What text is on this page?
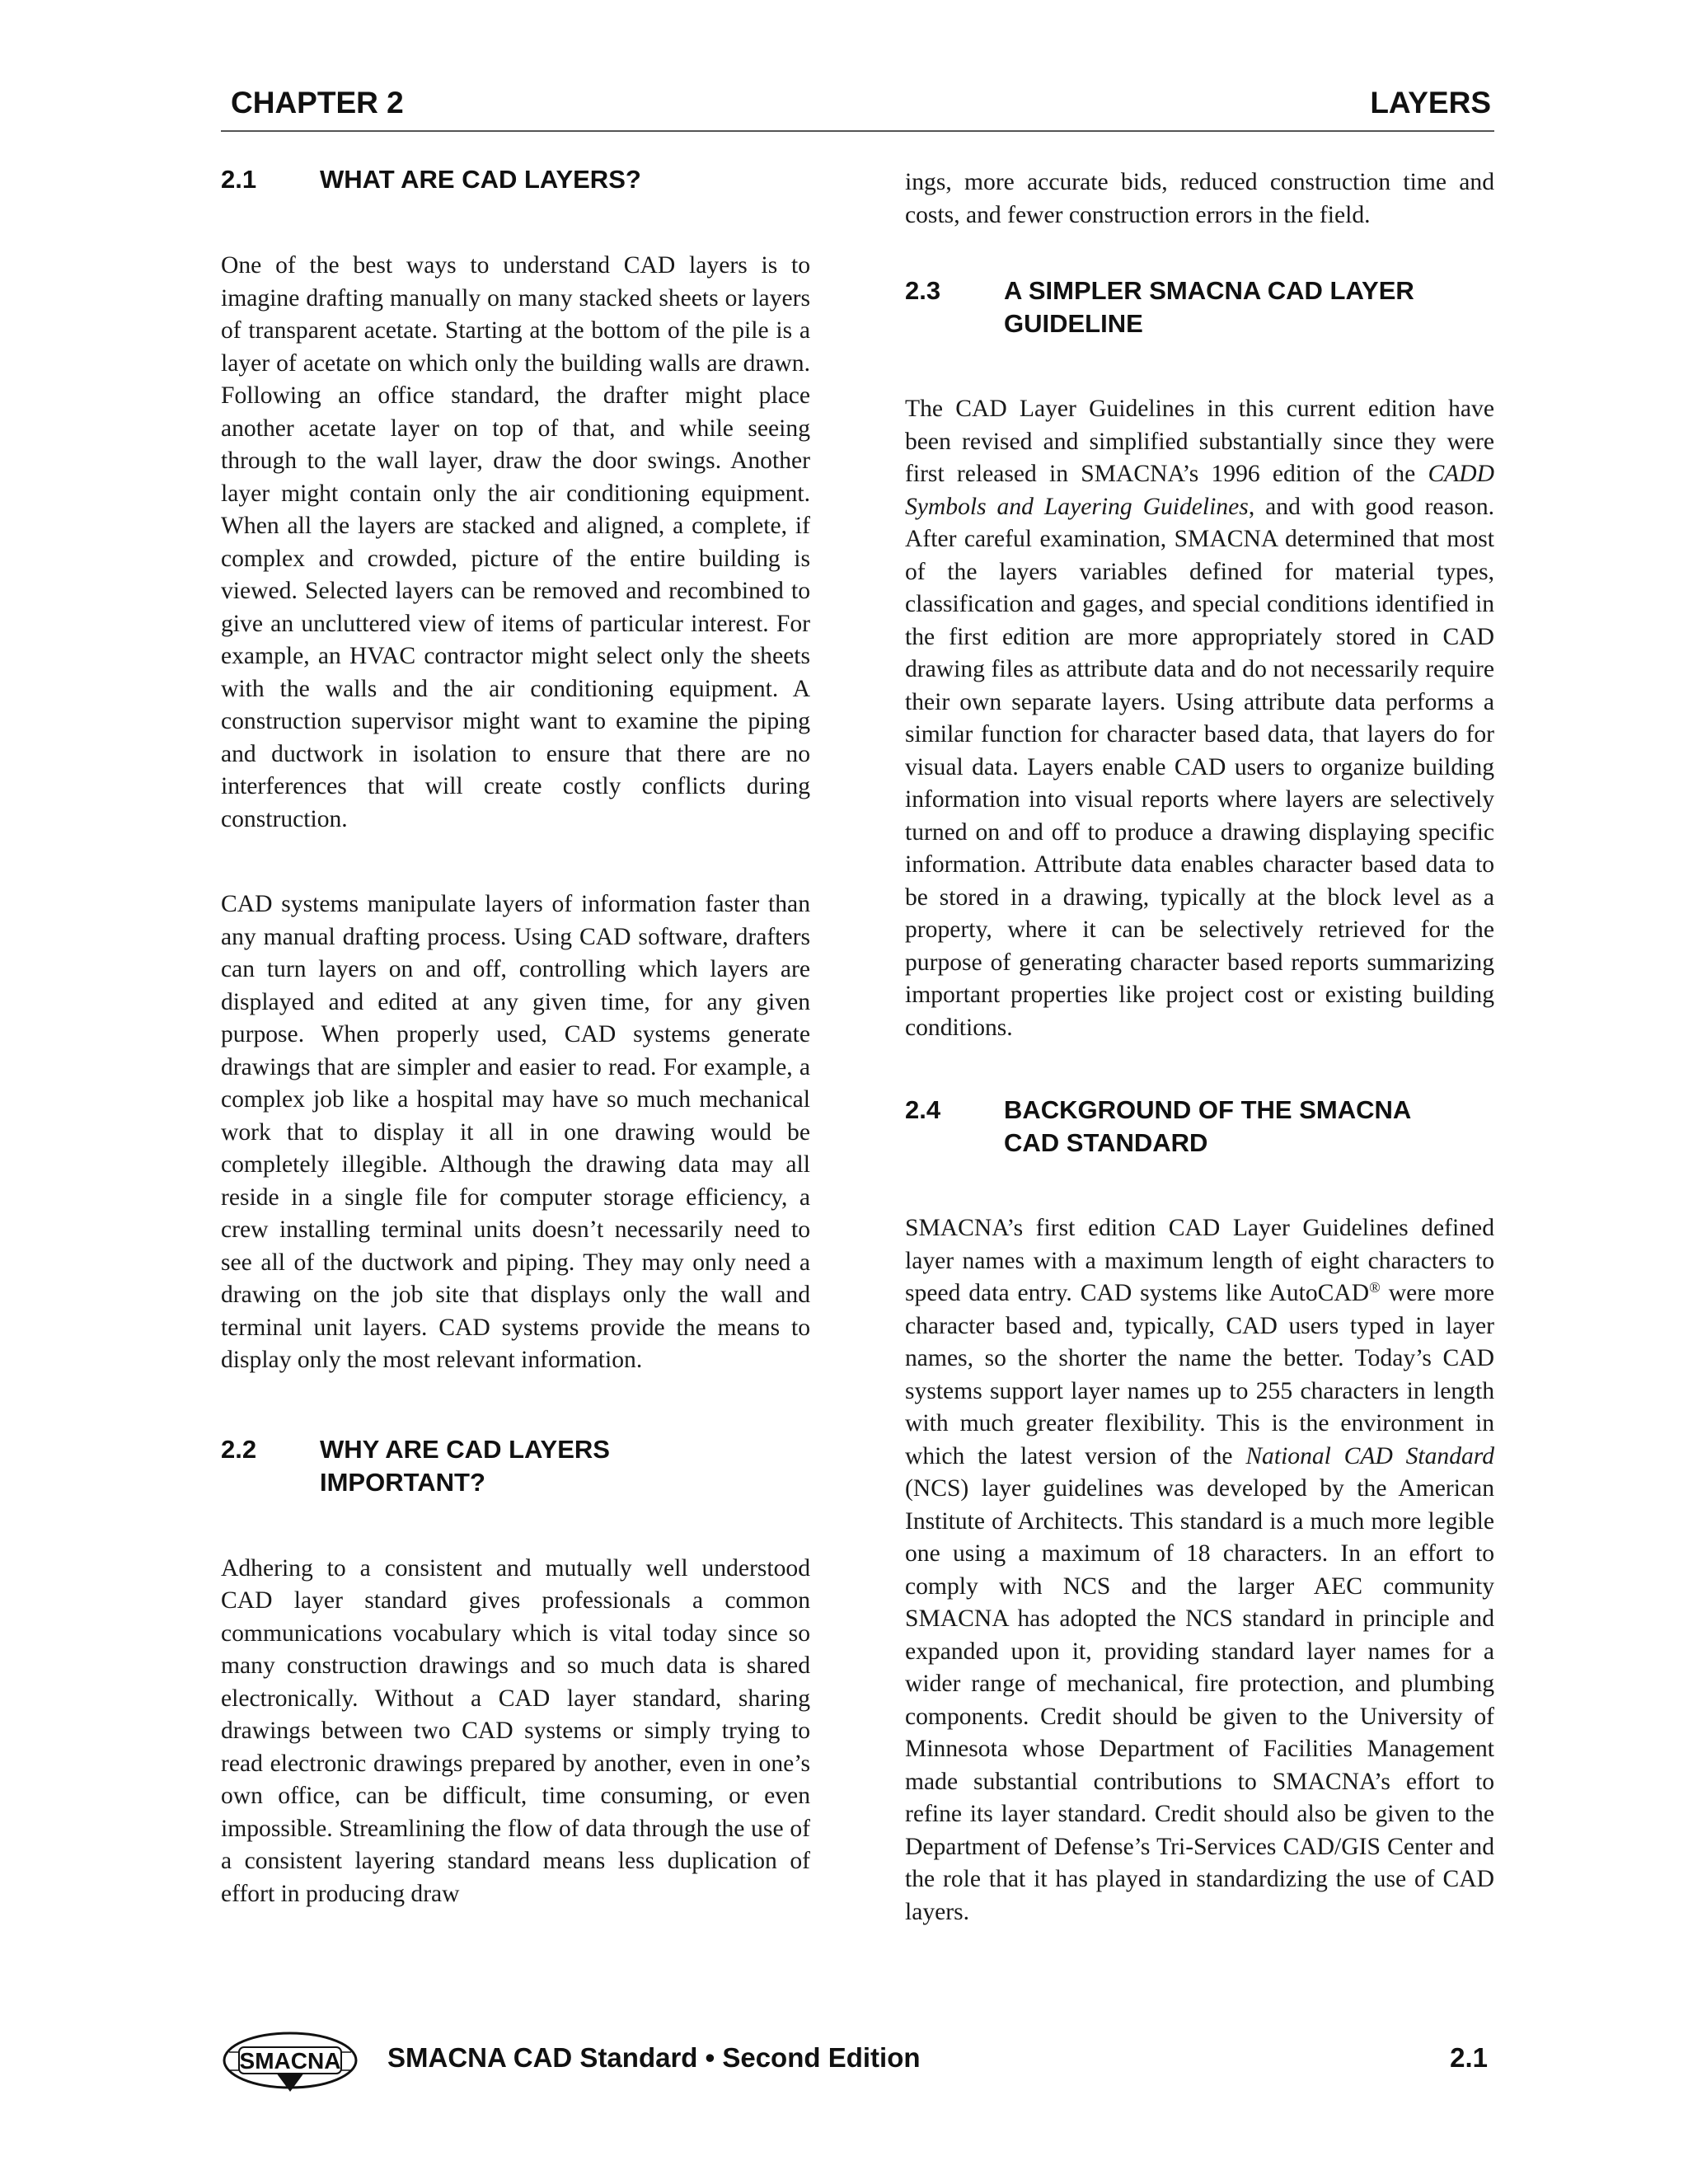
CHAPTER 2	LAYERS
2.1	WHAT ARE CAD LAYERS?

One of the best ways to understand CAD layers is to imagine drafting manually on many stacked sheets or layers of transparent acetate. Starting at the bottom of the pile is a layer of acetate on which only the building walls are drawn. Following an office standard, the drafter might place another acetate layer on top of that, and while seeing through to the wall layer, draw the door swings. Another layer might contain only the air conditioning equipment. When all the layers are stacked and aligned, a complete, if complex and crowded, picture of the entire building is viewed. Selected layers can be removed and recombined to give an uncluttered view of items of particular interest. For example, an HVAC contractor might select only the sheets with the walls and the air conditioning equipment. A construction supervisor might want to examine the piping and ductwork in isolation to ensure that there are no interferences that will create costly conflicts during construction.

CAD systems manipulate layers of information faster than any manual drafting process. Using CAD software, drafters can turn layers on and off, controlling which layers are displayed and edited at any given time, for any given purpose. When properly used, CAD systems generate drawings that are simpler and easier to read. For example, a complex job like a hospital may have so much mechanical work that to display it all in one drawing would be completely illegible. Although the drawing data may all reside in a single file for computer storage efficiency, a crew installing terminal units doesn’t necessarily need to see all of the ductwork and piping. They may only need a drawing on the job site that displays only the wall and terminal unit layers. CAD systems provide the means to display only the most relevant information.

2.2	WHY ARE CAD LAYERS
IMPORTANT?

Adhering to a consistent and mutually well understood CAD layer standard gives professionals a common communications vocabulary which is vital today since so many construction drawings and so much data is shared electronically. Without a CAD layer standard, sharing drawings between two CAD systems or simply trying to read electronic drawings prepared by another, even in one’s own office, can be difficult, time consuming, or even impossible. Streamlining the flow of data through the use of a consistent layering standard means less duplication of effort in producing draw

ings, more accurate bids, reduced construction time and costs, and fewer construction errors in the field.

2.3	A SIMPLER SMACNA CAD LAYER
GUIDELINE

The CAD Layer Guidelines in this current edition have been revised and simplified substantially since they were first released in SMACNA’s 1996 edition of the CADD Symbols and Layering Guidelines, and with good reason. After careful examination, SMACNA determined that most of the layers variables defined for material types, classification and gages, and special conditions identified in the first edition are more appropriately stored in CAD drawing files as attribute data and do not necessarily require their own separate layers. Using attribute data performs a similar function for character based data, that layers do for visual data. Layers enable CAD users to organize building information into visual reports where layers are selectively turned on and off to produce a drawing displaying specific information. Attribute data enables character based data to be stored in a drawing, typically at the block level as a property, where it can be selectively retrieved for the purpose of generating character based reports summarizing important properties like project cost or existing building conditions.

2.4	BACKGROUND OF THE SMACNA
CAD STANDARD

SMACNA’s first edition CAD Layer Guidelines defined layer names with a maximum length of eight characters to speed data entry. CAD systems like AutoCAD® were more character based and, typically, CAD users typed in layer names, so the shorter the name the better. Today’s CAD systems support layer names up to 255 characters in length with much greater flexibility. This is the environment in which the latest version of the National CAD Standard (NCS) layer guidelines was developed by the American Institute of Architects. This standard is a much more legible one using a maximum of 18 characters. In an effort to comply with NCS and the larger AEC community SMACNA has adopted the NCS standard in principle and expanded upon it, providing standard layer names for a wider range of mechanical, fire protection, and plumbing components. Credit should be given to the University of Minnesota whose Department of Facilities Management made substantial contributions to SMACNA’s effort to refine its layer standard. Credit should also be given to the Department of Defense’s Tri-Services CAD/GIS Center and the role that it has played in standardizing the use of CAD layers.

SMACNA SMACNA CAD Standard • Second Edition	2.1
